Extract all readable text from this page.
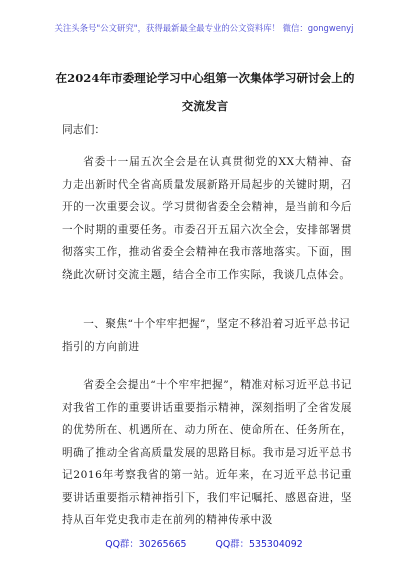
关注头条号"公文研究"，获得最新最全最专业的公文资料库！ 微信：gongwenyj
在2024年市委理论学习中心组第一次集体学习研讨会上的
交流发言
同志们：
省委十一届五次全会是在认真贯彻党的XX大精神、奋力走出新时代全省高质量发展新路开局起步的关键时期，召开的一次重要会议。学习贯彻省委全会精神，是当前和今后一个时期的重要任务。市委召开五届六次全会，安排部署贯彻落实工作，推动省委全会精神在我市落地落实。下面，围绕此次研讨交流主题，结合全市工作实际，我谈几点体会。
一、聚焦“十个牢牢把握”，坚定不移沿着习近平总书记指引的方向前进
省委全会提出“十个牢牢把握”，精准对标习近平总书记对我省工作的重要讲话重要指示精神，深刻指明了全省发展的优势所在、机遇所在、动力所在、使命所在、任务所在，明确了推动全省高质量发展的思路目标。我市是习近平总书记2016年考察我省的第一站。近年来，在习近平总书记重要讲话重要指示精神指引下，我们牢记嘱托、感恩奋进，坚持从百年党史我市走在前列的精神传承中汲
QQ群：30265665	QQ群：535304092
